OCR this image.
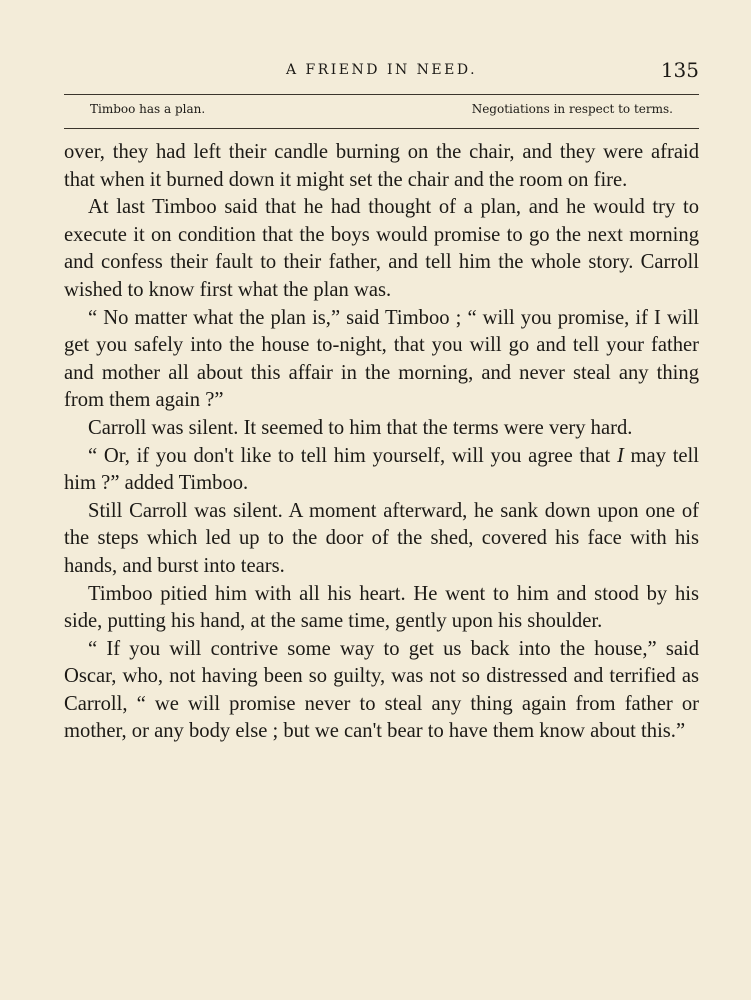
A FRIEND IN NEED.	135
Timboo has a plan.	Negotiations in respect to terms.

over, they had left their candle burning on the chair, and they were afraid that when it burned down it might set the chair and the room on fire.

At last Timboo said that he had thought of a plan, and he would try to execute it on condition that the boys would promise to go the next morning and confess their fault to their father, and tell him the whole story. Carroll wished to know first what the plan was.

“ No matter what the plan is,” said Timboo ; “ will you promise, if I will get you safely into the house to-night, that you will go and tell your father and mother all about this affair in the morning, and never steal any thing from them again ?”

Carroll was silent. It seemed to him that the terms were very hard.

“ Or, if you don't like to tell him yourself, will you agree that I may tell him ?” added Timboo.

Still Carroll was silent. A moment afterward, he sank down upon one of the steps which led up to the door of the shed, covered his face with his hands, and burst into tears.

Timboo pitied him with all his heart. He went to him and stood by his side, putting his hand, at the same time, gently upon his shoulder.

“ If you will contrive some way to get us back into the house,” said Oscar, who, not having been so guilty, was not so distressed and terrified as Carroll, “ we will promise never to steal any thing again from father or mother, or any body else ; but we can't bear to have them know about this.”
